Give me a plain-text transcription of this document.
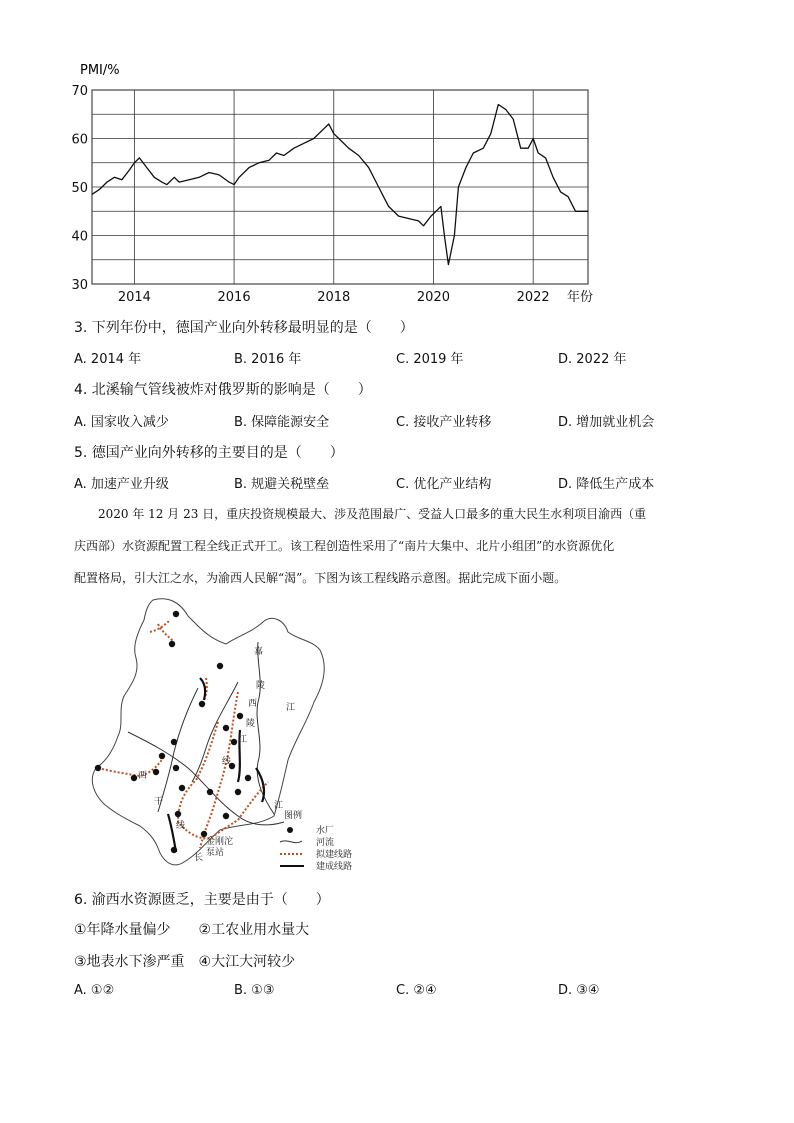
PMI/%
30
40
50
60
70
2014	2016	2018	2020	2022 年份
3. 下列年份中，德国产业向外转移最明显的是（　　）
A. 2014 年	B. 2016 年	C. 2019 年	D. 2022 年
4. 北溪输气管线被炸对俄罗斯的影响是（　　）
A. 国家收入减少	B. 保障能源安全	C. 接收产业转移	D. 增加就业机会
5. 德国产业向外转移的主要目的是（　　）
A. 加速产业升级	B. 规避关税壁垒	C. 优化产业结构	D. 降低生产成本

　　2020 年 12 月 23 日，重庆投资规模最大、涉及范围最广、受益人口最多的重大民生水利项目渝西（重

庆西部）水资源配置工程全线正式开工。该工程创造性采用了“南片大集中、北片小组团”的水资源优化

配置格局，引大江之水，为渝西人民解“渴”。下图为该工程线路示意图。据此完成下面小题。

嘉
陵
江
西
陵
江
线
西
干
线
江
长
金刚沱
泵站
图例
水厂
河流
拟建线路
建成线路
6. 渝西水资源匮乏，主要是由于（　　）
①年降水量偏少　　②工农业用水量大
③地表水下渗严重　④大江大河较少
A. ①②	B. ①③	C. ②④	D. ③④
